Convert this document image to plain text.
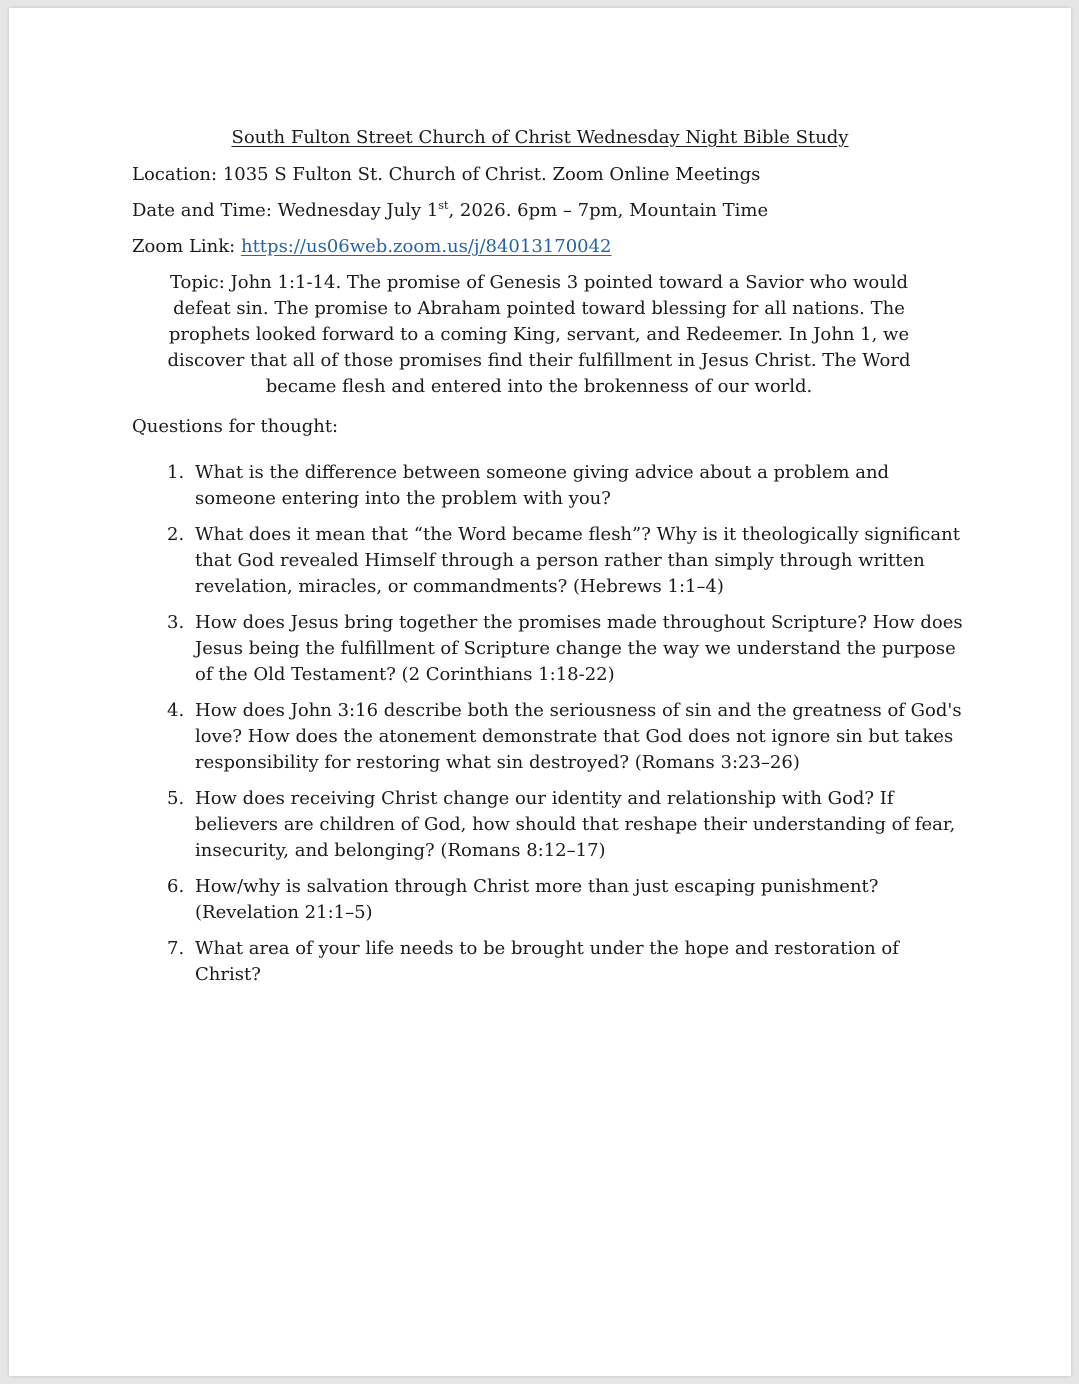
South Fulton Street Church of Christ Wednesday Night Bible Study
Location: 1035 S Fulton St. Church of Christ. Zoom Online Meetings
Date and Time: Wednesday July 1st, 2026. 6pm – 7pm, Mountain Time
Zoom Link: https://us06web.zoom.us/j/84013170042
Topic: John 1:1-14. The promise of Genesis 3 pointed toward a Savior who would defeat sin. The promise to Abraham pointed toward blessing for all nations. The prophets looked forward to a coming King, servant, and Redeemer. In John 1, we discover that all of those promises find their fulfillment in Jesus Christ. The Word became flesh and entered into the brokenness of our world.
Questions for thought:
1. What is the difference between someone giving advice about a problem and someone entering into the problem with you?
2. What does it mean that “the Word became flesh”? Why is it theologically significant that God revealed Himself through a person rather than simply through written revelation, miracles, or commandments? (Hebrews 1:1–4)
3. How does Jesus bring together the promises made throughout Scripture? How does Jesus being the fulfillment of Scripture change the way we understand the purpose of the Old Testament? (2 Corinthians 1:18-22)
4. How does John 3:16 describe both the seriousness of sin and the greatness of God's love? How does the atonement demonstrate that God does not ignore sin but takes responsibility for restoring what sin destroyed? (Romans 3:23–26)
5. How does receiving Christ change our identity and relationship with God? If believers are children of God, how should that reshape their understanding of fear, insecurity, and belonging? (Romans 8:12–17)
6. How/why is salvation through Christ more than just escaping punishment? (Revelation 21:1–5)
7. What area of your life needs to be brought under the hope and restoration of Christ?
